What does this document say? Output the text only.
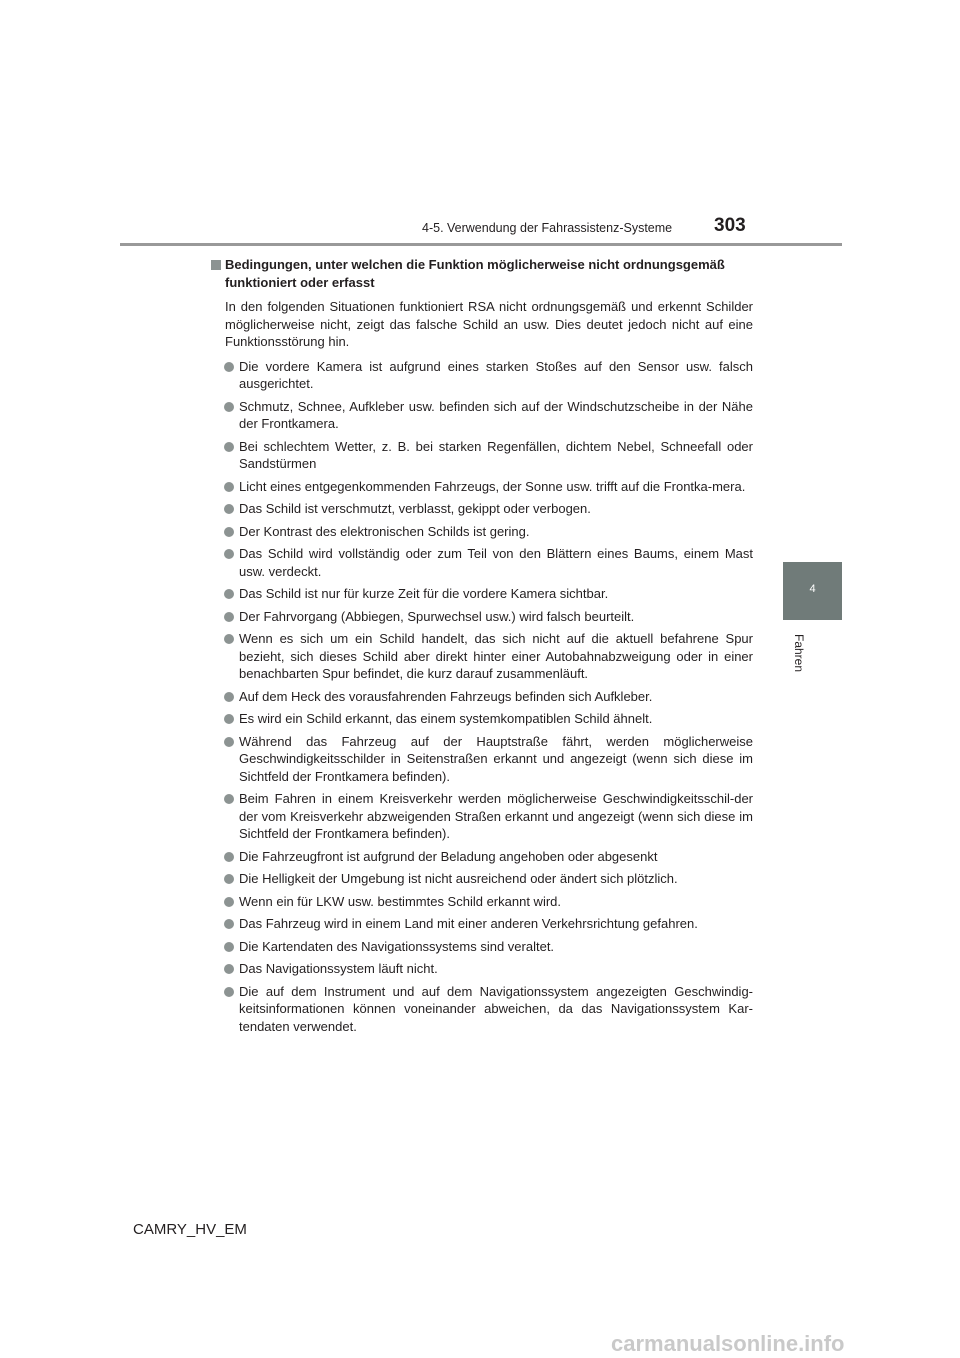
4-5. Verwendung der Fahrassistenz-Systeme 303
4
Fahren
Bedingungen, unter welchen die Funktion möglicherweise nicht ordnungsgemäß funktioniert oder erfasst
In den folgenden Situationen funktioniert RSA nicht ordnungsgemäß und erkennt Schilder möglicherweise nicht, zeigt das falsche Schild an usw. Dies deutet jedoch nicht auf eine Funktionsstörung hin.
Die vordere Kamera ist aufgrund eines starken Stoßes auf den Sensor usw. falsch ausgerichtet.
Schmutz, Schnee, Aufkleber usw. befinden sich auf der Windschutzscheibe in der Nähe der Frontkamera.
Bei schlechtem Wetter, z. B. bei starken Regenfällen, dichtem Nebel, Schneefall oder Sandstürmen
Licht eines entgegenkommenden Fahrzeugs, der Sonne usw. trifft auf die Frontka-mera.
Das Schild ist verschmutzt, verblasst, gekippt oder verbogen.
Der Kontrast des elektronischen Schilds ist gering.
Das Schild wird vollständig oder zum Teil von den Blättern eines Baums, einem Mast usw. verdeckt.
Das Schild ist nur für kurze Zeit für die vordere Kamera sichtbar.
Der Fahrvorgang (Abbiegen, Spurwechsel usw.) wird falsch beurteilt.
Wenn es sich um ein Schild handelt, das sich nicht auf die aktuell befahrene Spur bezieht, sich dieses Schild aber direkt hinter einer Autobahnabzweigung oder in einer benachbarten Spur befindet, die kurz darauf zusammenläuft.
Auf dem Heck des vorausfahrenden Fahrzeugs befinden sich Aufkleber.
Es wird ein Schild erkannt, das einem systemkompatiblen Schild ähnelt.
Während das Fahrzeug auf der Hauptstraße fährt, werden möglicherweise Geschwindigkeitsschilder in Seitenstraßen erkannt und angezeigt (wenn sich diese im Sichtfeld der Frontkamera befinden).
Beim Fahren in einem Kreisverkehr werden möglicherweise Geschwindigkeitsschil-der der vom Kreisverkehr abzweigenden Straßen erkannt und angezeigt (wenn sich diese im Sichtfeld der Frontkamera befinden).
Die Fahrzeugfront ist aufgrund der Beladung angehoben oder abgesenkt
Die Helligkeit der Umgebung ist nicht ausreichend oder ändert sich plötzlich.
Wenn ein für LKW usw. bestimmtes Schild erkannt wird.
Das Fahrzeug wird in einem Land mit einer anderen Verkehrsrichtung gefahren.
Die Kartendaten des Navigationssystems sind veraltet.
Das Navigationssystem läuft nicht.
Die auf dem Instrument und auf dem Navigationssystem angezeigten Geschwindig-keitsinformationen können voneinander abweichen, da das Navigationssystem Kar-tendaten verwendet.
CAMRY_HV_EM
carmanualsonline.info
